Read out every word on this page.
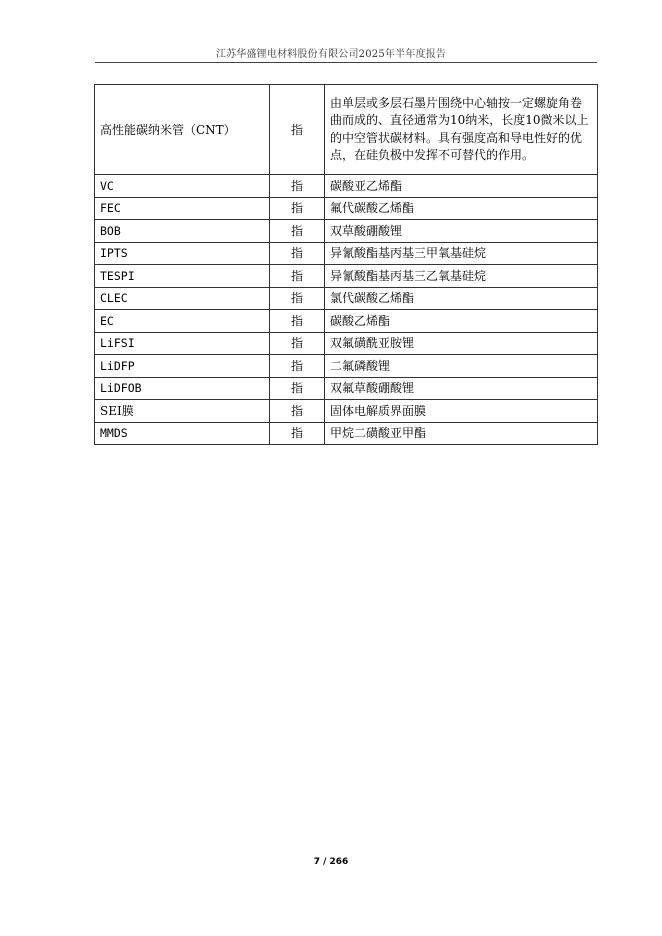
江苏华盛锂电材料股份有限公司2025年半年度报告
高性能碳纳米管（CNT）	指	由单层或多层石墨片围绕中心轴按一定螺旋角卷曲而成的、直径通常为10纳米，长度10微米以上的中空管状碳材料。具有强度高和导电性好的优点，在硅负极中发挥不可替代的作用。
VC	指	碳酸亚乙烯酯
FEC	指	氟代碳酸乙烯酯
BOB	指	双草酸硼酸锂
IPTS	指	异氰酸酯基丙基三甲氧基硅烷
TESPI	指	异氰酸酯基丙基三乙氧基硅烷
CLEC	指	氯代碳酸乙烯酯
EC	指	碳酸乙烯酯
LiFSI	指	双氟磺酰亚胺锂
LiDFP	指	二氟磷酸锂
LiDFOB	指	双氟草酸硼酸锂
SEI膜	指	固体电解质界面膜
MMDS	指	甲烷二磺酸亚甲酯
7 / 266
